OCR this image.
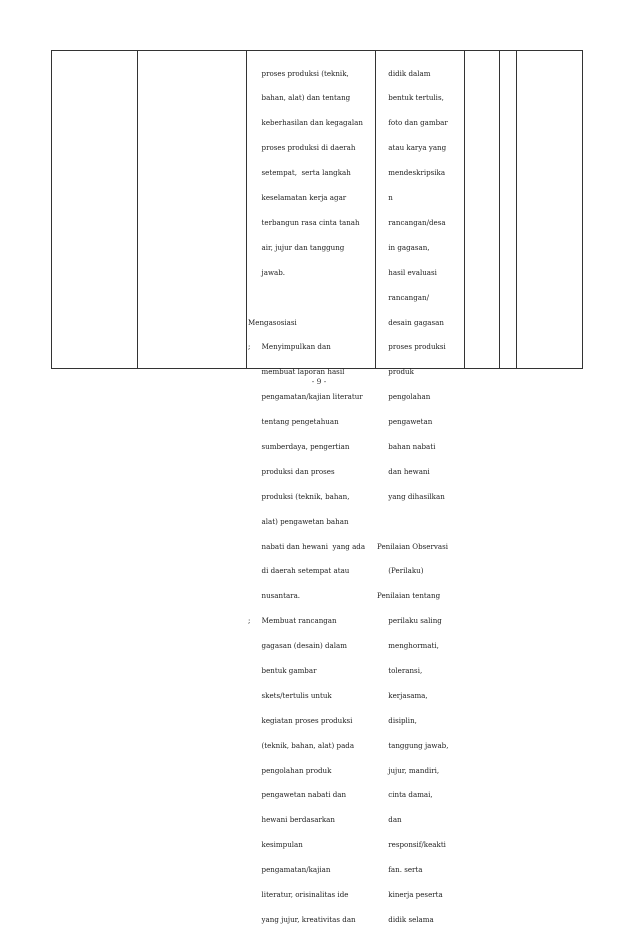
proses produksi (teknik,

bahan, alat) dan tentang

keberhasilan dan kegagalan

proses produksi di daerah

setempat,  serta langkah

keselamatan kerja agar

terbangun rasa cinta tanah

air, jujur dan tanggung

jawab.

Mengasosiasi

;     Menyimpulkan dan

membuat laporan hasil

pengamatan/kajian literatur

tentang pengetahuan

sumberdaya, pengertian

produksi dan proses

produksi (teknik, bahan,

alat) pengawetan bahan

nabati dan hewani  yang ada

di daerah setempat atau

nusantara.

;     Membuat rancangan

gagasan (desain) dalam

bentuk gambar

skets/tertulis untuk

kegiatan proses produksi

(teknik, bahan, alat) pada

pengolahan produk

pengawetan nabati dan

hewani berdasarkan

kesimpulan

pengamatan/kajian

literatur, orisinalitas ide

yang jujur, kreativitas dan

didik dalam

bentuk tertulis,

foto dan gambar

atau karya yang

mendeskripsika

n

rancangan/desa

in gagasan,

hasil evaluasi

rancangan/

desain gagasan

proses produksi

produk

pengolahan

pengawetan

bahan nabati

dan hewani

yang dihasilkan

Penilaian Observasi

(Perilaku)

Penilaian tentang

perilaku saling

menghormati,

toleransi,

kerjasama,

disiplin,

tanggung jawab,

jujur, mandiri,

cinta damai,

dan

responsif/keakti

fan. serta

kinerja peserta

didik selama

- 9 -
